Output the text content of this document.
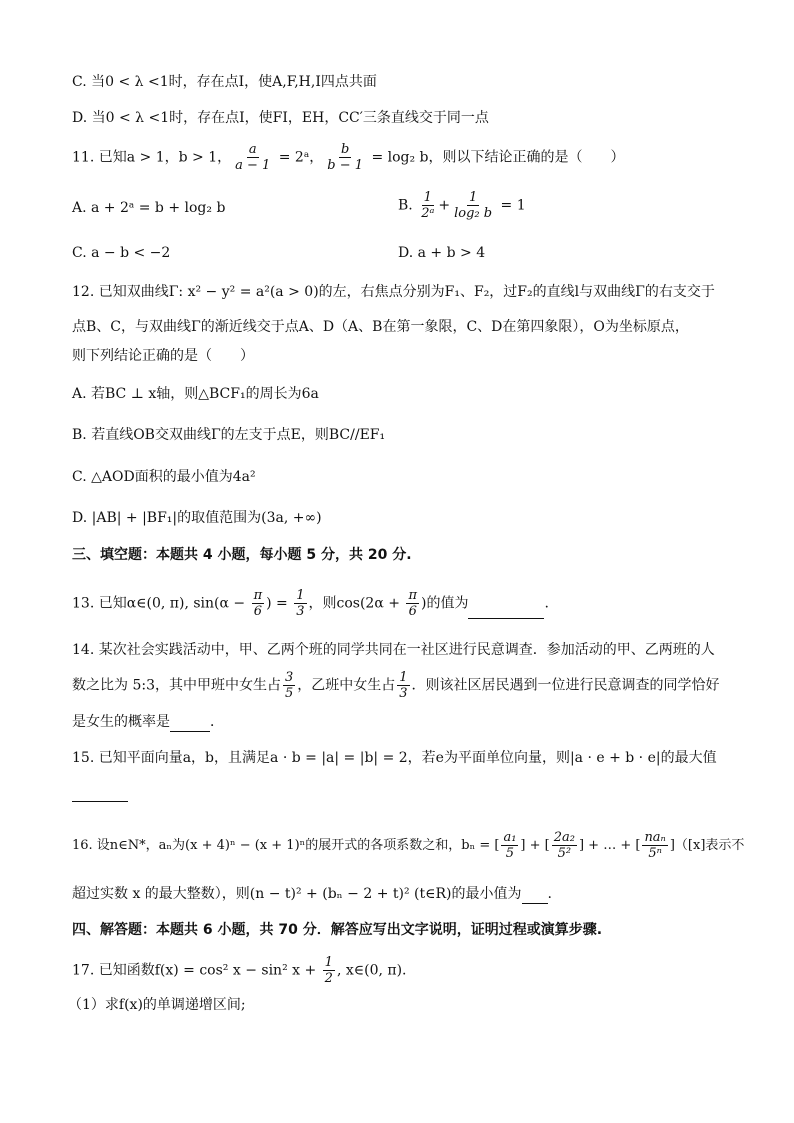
C. 当0 < λ <1时，存在点I，使A,F,H,I四点共面
D. 当0 < λ <1时，存在点I，使FI，EH，CC′三条直线交于同一点
11. 已知a > 1，b > 1， $\frac{a}{a - 1}$ = 2ᵃ， $\frac{b}{b - 1} = \log_2$ b，则以下结论正确的是（　　）
A. a + 2ᵃ = b + log₂ b	B. $\frac{1}{\text{2ᵃ}} + \frac{1}{\text{log₂ b}} = 1$
C. a − b < −2	D. a + b > 4
12. 已知双曲线Γ: x² − y² = a²(a > 0)的左，右焦点分别为F₁、F₂，过F₂的直线l与双曲线Γ的右支交于
点B、C，与双曲线Γ的渐近线交于点A、D（A、B在第一象限，C、D在第四象限），O为坐标原点，
则下列结论正确的是（　　）
A. 若BC ⊥ x轴，则△BCF₁的周长为6a
B. 若直线OB交双曲线Γ的左支于点E，则BC//EF₁
C. △AOD面积的最小值为4a²
D. |AB| + |BF₁|的取值范围为(3a, +∞)
三、填空题：本题共 4 小题，每小题 5 分，共 20 分.
13. 已知α∈(0, π), $\sin(\alpha - \frac{\pi}{6}$ ) = $\frac{1}{3}$ ，则$\cos(2\alpha + \frac{\pi}{6}$ )的值为	.
14. 某次社会实践活动中，甲、乙两个班的同学共同在一社区进行民意调查．参加活动的甲、乙两班的人
数之比为 5:3，其中甲班中女生占 $\frac{3}{5}$ ，乙班中女生占 $\frac{1}{3}$ ．则该社区居民遇到一位进行民意调查的同学恰好
是女生的概率是	．
15. 已知平面向量a，b，且满足a · b = |a| = |b| = 2，若e为平面单位向量，则|a · e + b · e|的最大值
16. 设n∈N*，aₙ为(x + 4)ⁿ − (x + 1)ⁿ的展开式的各项系数之和，bₙ = [ $\frac{\text{a₁}}{5}$ ] + [ $\frac{\text{2a₂}}{\text{5²}}$ ] + … + [ $\frac{\text{naₙ}}{\text{5ⁿ}} ]([x]$表示不
超过实数 x 的最大整数），则(n − t)² + (bₙ − 2 + t)² (t∈R)的最小值为 .
四、解答题：本题共 6 小题，共 70 分．解答应写出文字说明，证明过程或演算步骤.
17. 已知函数f(x) = cos² x − sin² $x + \frac{1}{2}$ , x∈(0, π).
（1）求f(x)的单调递增区间;
